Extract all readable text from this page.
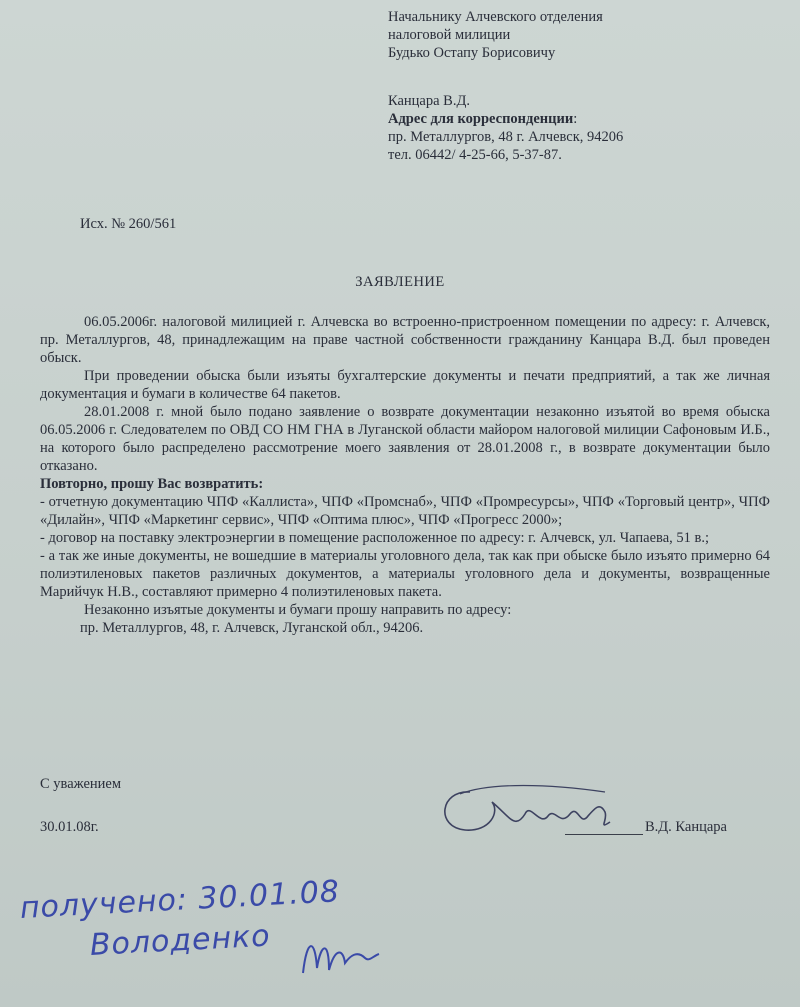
Начальнику Алчевского отделения
налоговой милиции
Будько Остапу Борисовичу
Канцара В.Д.
Адрес для корреспонденции:
пр. Металлургов, 48 г. Алчевск, 94206
тел. 06442/ 4-25-66, 5-37-87.
Исх. № 260/561
ЗАЯВЛЕНИЕ

06.05.2006г. налоговой милицией г. Алчевска во встроенно-пристроенном помещении по адресу: г. Алчевск, пр. Металлургов, 48, принадлежащим на праве частной собственности гражданину Канцара В.Д. был проведен обыск.

При проведении обыска были изъяты бухгалтерские документы и печати предприятий, а так же личная документация и бумаги в количестве 64 пакетов.

28.01.2008 г. мной было подано заявление о возврате документации незаконно изъятой во время обыска 06.05.2006 г. Следователем по ОВД СО НМ ГНА в Луганской области майором налоговой милиции Сафоновым И.Б., на которого было распределено рассмотрение моего заявления от 28.01.2008 г., в возврате документации было отказано.

Повторно, прошу Вас возвратить:

- отчетную документацию ЧПФ «Каллиста», ЧПФ «Промснаб», ЧПФ «Промресурсы», ЧПФ «Торговый центр», ЧПФ «Дилайн», ЧПФ «Маркетинг сервис», ЧПФ «Оптима плюс», ЧПФ «Прогресс 2000»;

- договор на поставку электроэнергии в помещение расположенное по адресу: г. Алчевск, ул. Чапаева, 51 в.;

- а так же иные документы, не вошедшие в материалы уголовного дела, так как при обыске было изъято примерно 64 полиэтиленовых пакетов различных документов, а материалы уголовного дела и документы, возвращенные Марийчук Н.В., составляют примерно 4 полиэтиленовых пакета.

Незаконно изъятые документы и бумаги прошу направить по адресу:

пр. Металлургов, 48, г. Алчевск, Луганской обл., 94206.

С уважением
30.01.08г.	В.Д. Канцара
получено: 30.01.08
Володенко
